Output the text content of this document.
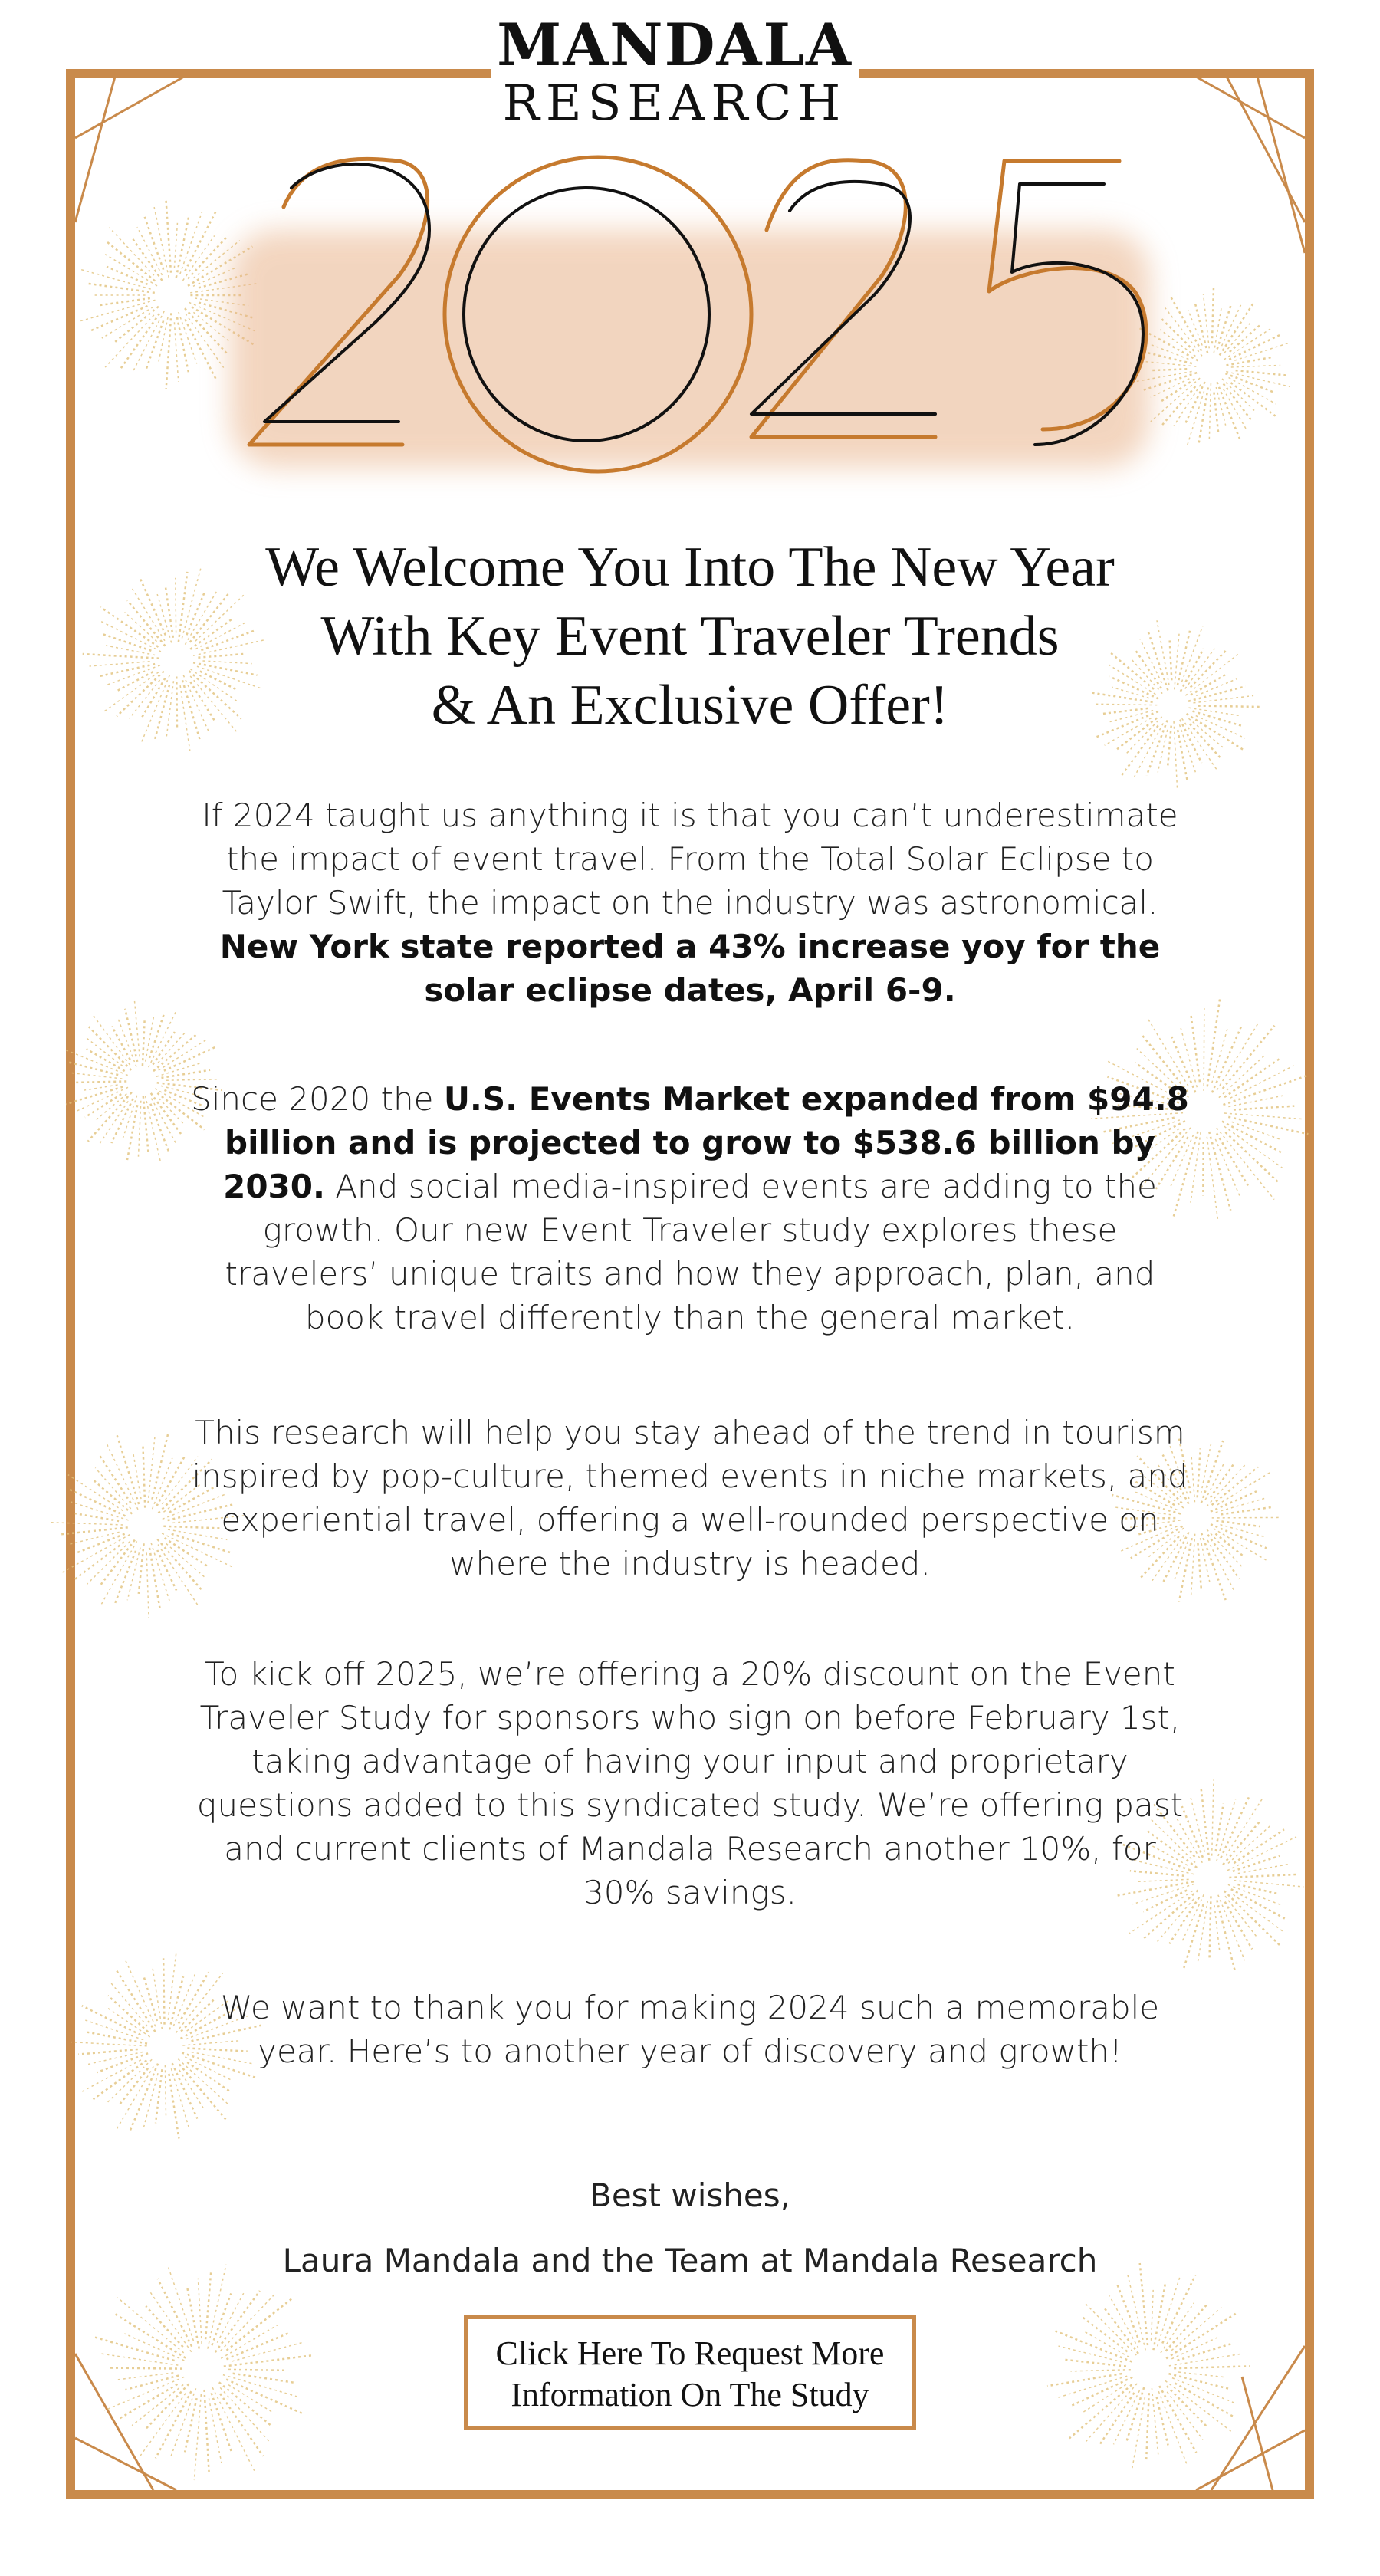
MANDALA
RESEARCH
We Welcome You Into The New Year
With Key Event Traveler Trends
& An Exclusive Offer!
If 2024 taught us anything it is that you can’t underestimate the impact of event travel. From the Total Solar Eclipse to Taylor Swift, the impact on the industry was astronomical. New York state reported a 43% increase yoy for the solar eclipse dates, April 6-9.
Since 2020 the U.S. Events Market expanded from $94.8 billion and is projected to grow to $538.6 billion by 2030. And social media-inspired events are adding to the growth. Our new Event Traveler study explores these travelers’ unique traits and how they approach, plan, and book travel differently than the general market.
This research will help you stay ahead of the trend in tourism inspired by pop-culture, themed events in niche markets, and experiential travel, offering a well-rounded perspective on where the industry is headed.
To kick off 2025, we’re offering a 20% discount on the Event Traveler Study for sponsors who sign on before February 1st, taking advantage of having your input and proprietary questions added to this syndicated study. We’re offering past and current clients of Mandala Research another 10%, for 30% savings.
We want to thank you for making 2024 such a memorable year. Here’s to another year of discovery and growth!
Best wishes,
Laura Mandala and the Team at Mandala Research
Click Here To Request More
Information On The Study
